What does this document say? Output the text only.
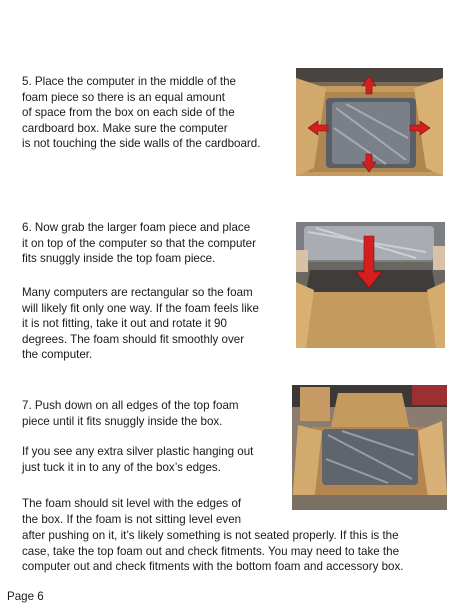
5. Place the computer in the middle of the
foam piece so there is an equal amount
of space from the box on each side of the
cardboard box. Make sure the computer
is not touching the side walls of the cardboard.
6. Now grab the larger foam piece and place
it on top of the computer so that the computer
fits snuggly inside the top foam piece.
Many computers are rectangular so the foam
will likely fit only one way. If the foam feels like
it is not fitting, take it out and rotate it 90
degrees. The foam should fit smoothly over
the computer.
7. Push down on all edges of the top foam
piece until it fits snuggly inside the box.
If you see any extra silver plastic hanging out
just tuck it in to any of the box’s edges.
The foam should sit level with the edges of
the box. If the foam is not sitting level even
after pushing on it, it’s likely something is not seated properly. If this is the
case, take the top foam out and check fitments. You may need to take the
computer out and check fitments with the bottom foam and accessory box.
Page 6
